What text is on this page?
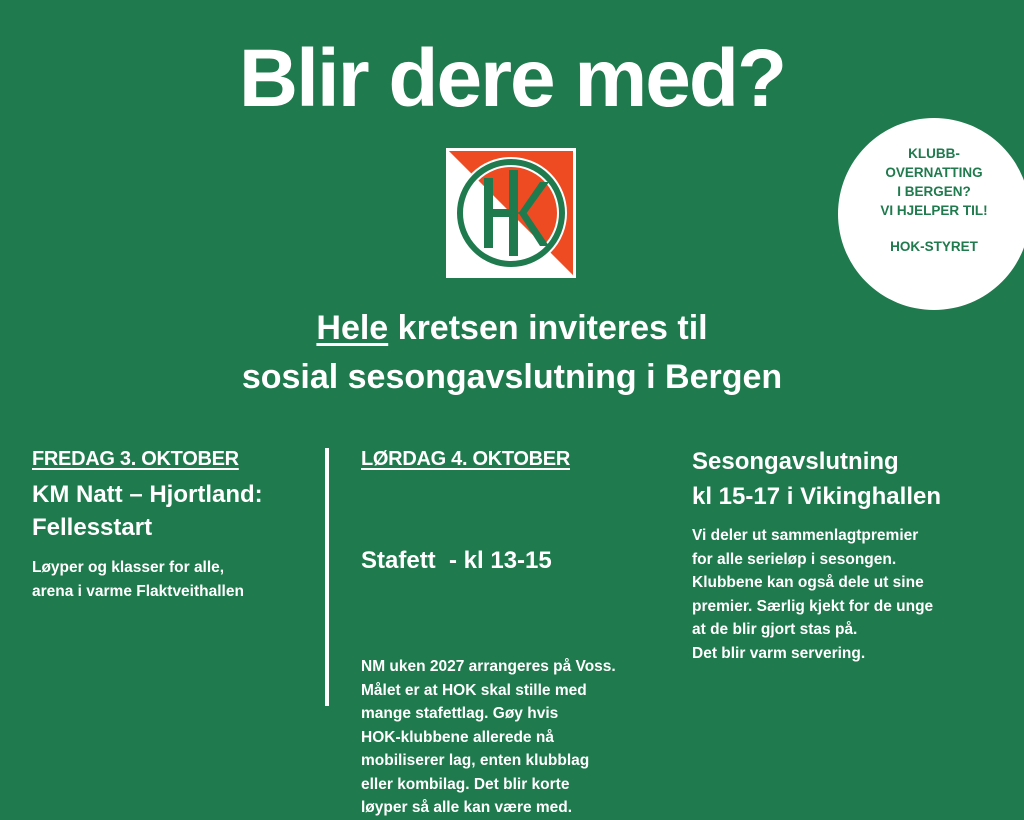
Blir dere med?
KLUBB-
OVERNATTING
I BERGEN?
VI HJELPER TIL!
HOK-STYRET
Hele kretsen inviteres til
sosial sesongavslutning i Bergen
FREDAG 3. OKTOBER
KM Natt – Hjortland:
Fellesstart
Løyper og klasser for alle,
arena i varme Flaktveithallen
LØRDAG 4. OKTOBER

Stafett  - kl 13-15

NM uken 2027 arrangeres på Voss.
Målet er at HOK skal stille med
mange stafettlag. Gøy hvis
HOK-klubbene allerede nå
mobiliserer lag, enten klubblag
eller kombilag. Det blir korte
løyper så alle kan være med.
Sesongavslutning
kl 15-17 i Vikinghallen
Vi deler ut sammenlagtpremier
for alle serieløp i sesongen.
Klubbene kan også dele ut sine
premier. Særlig kjekt for de unge
at de blir gjort stas på.
Det blir varm servering.
